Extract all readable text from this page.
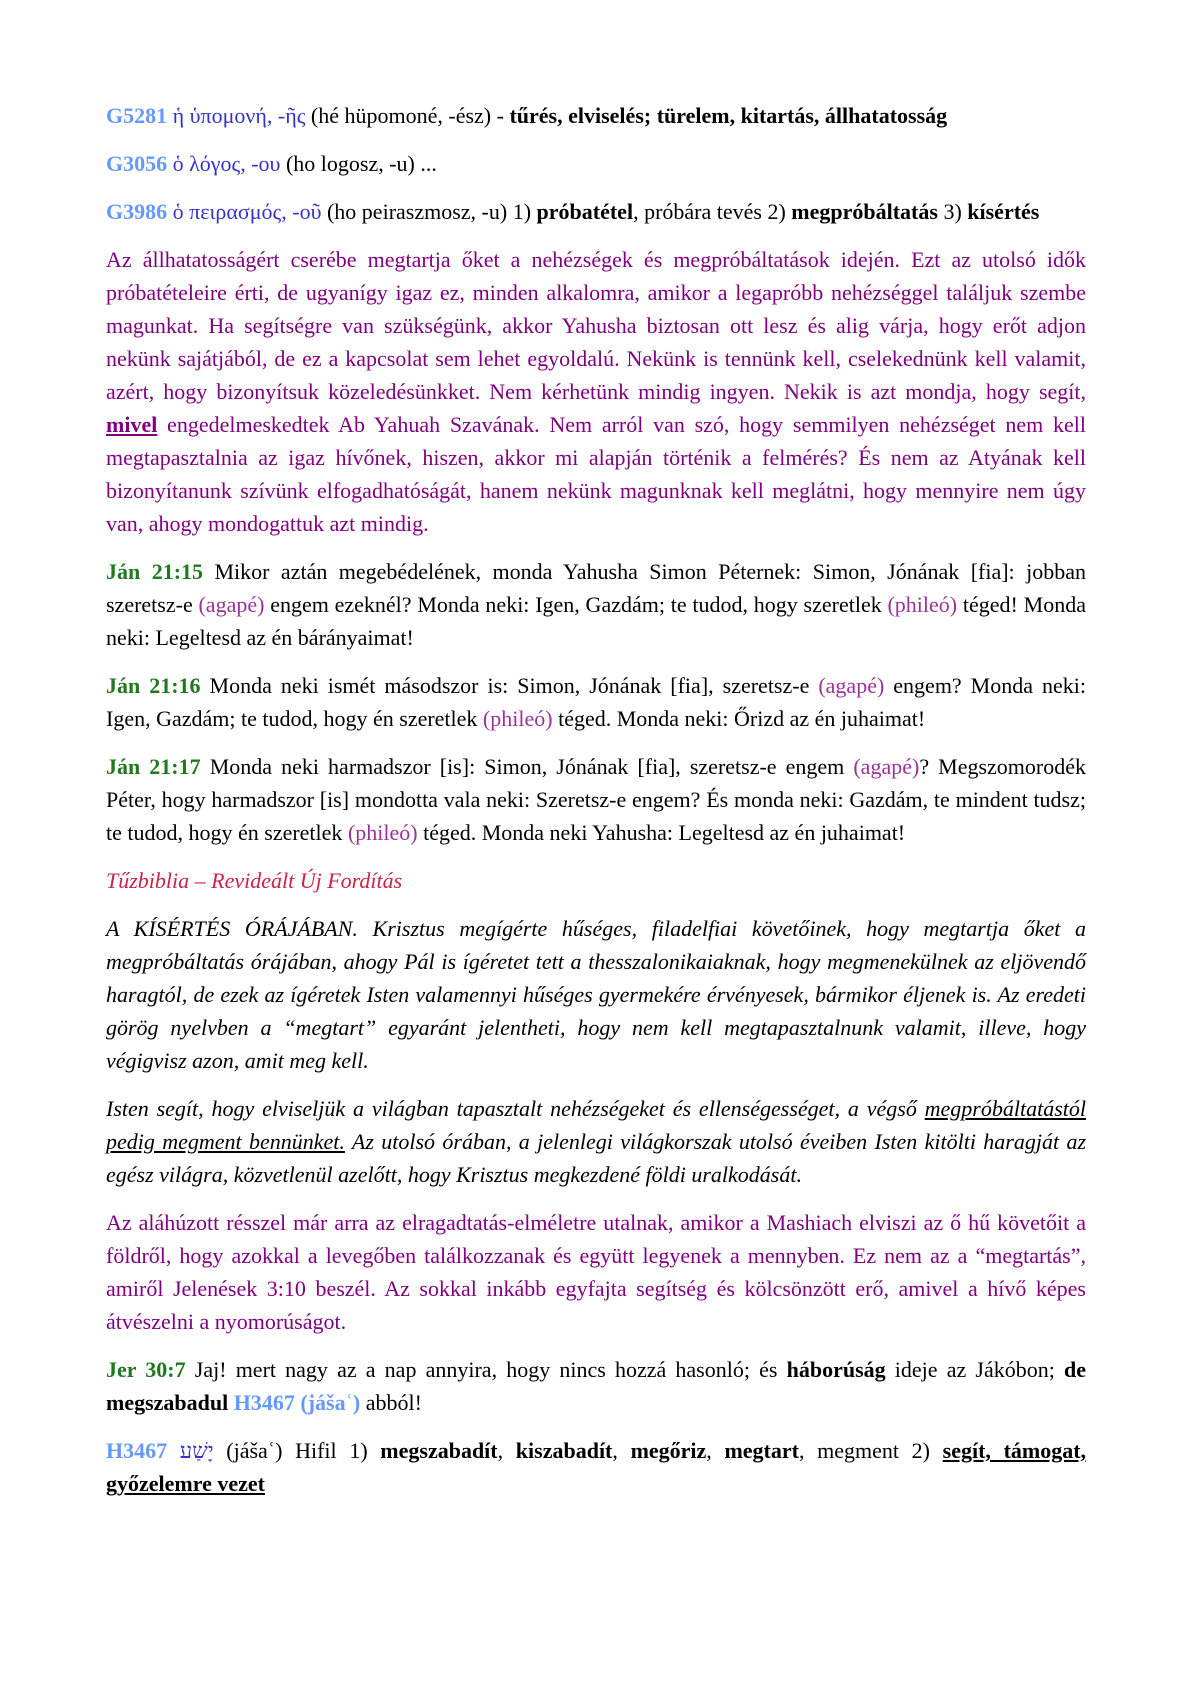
G5281 ἡ ὑπομονή, -ῆς (hé hüpomoné, -ész) - tűrés, elviselés; türelem, kitartás, állhatatosság

G3056 ὁ λόγος, -ου (ho logosz, -u) ...

G3986 ὁ πειρασμός, -οῦ (ho peiraszmosz, -u) 1) próbatétel, próbára tevés 2) megpróbáltatás 3) kísértés

Az állhatatosságért cserébe megtartja őket a nehézségek és megpróbáltatások idején. Ezt az utolsó idők próbatételeire érti, de ugyanígy igaz ez, minden alkalomra, amikor a legapróbb nehézséggel találjuk szembe magunkat. Ha segítségre van szükségünk, akkor Yahusha biztosan ott lesz és alig várja, hogy erőt adjon nekünk sajátjából, de ez a kapcsolat sem lehet egyoldalú. Nekünk is tennünk kell, cselekednünk kell valamit, azért, hogy bizonyítsuk közeledésünkket. Nem kérhetünk mindig ingyen. Nekik is azt mondja, hogy segít, mivel engedelmeskedtek Ab Yahuah Szavának. Nem arról van szó, hogy semmilyen nehézséget nem kell megtapasztalnia az igaz hívőnek, hiszen, akkor mi alapján történik a felmérés? És nem az Atyának kell bizonyítanunk szívünk elfogadhatóságát, hanem nekünk magunknak kell meglátni, hogy mennyire nem úgy van, ahogy mondogattuk azt mindig.

Ján 21:15 Mikor aztán megebédelének, monda Yahusha Simon Péternek: Simon, Jónának [fia]: jobban szeretsz-e (agapé) engem ezeknél? Monda neki: Igen, Gazdám; te tudod, hogy szeretlek (phileó) téged! Monda neki: Legeltesd az én bárányaimat!

Ján 21:16 Monda neki ismét másodszor is: Simon, Jónának [fia], szeretsz-e (agapé) engem? Monda neki: Igen, Gazdám; te tudod, hogy én szeretlek (phileó) téged. Monda neki: Őrizd az én juhaimat!

Ján 21:17 Monda neki harmadszor [is]: Simon, Jónának [fia], szeretsz-e engem (agapé)? Megszomorodék Péter, hogy harmadszor [is] mondotta vala neki: Szeretsz-e engem? És monda neki: Gazdám, te mindent tudsz; te tudod, hogy én szeretlek (phileó) téged. Monda neki Yahusha: Legeltesd az én juhaimat!

Tűzbiblia – Revideált Új Fordítás

A KÍSÉRTÉS ÓRÁJÁBAN. Krisztus megígérte hűséges, filadelfiai követőinek, hogy megtartja őket a megpróbáltatás órájában, ahogy Pál is ígéretet tett a thesszalonikaiaknak, hogy megmenekülnek az eljövendő haragtól, de ezek az ígéretek Isten valamennyi hűséges gyermekére érvényesek, bármikor éljenek is. Az eredeti görög nyelvben a “megtart” egyaránt jelentheti, hogy nem kell megtapasztalnunk valamit, illeve, hogy végigvisz azon, amit meg kell.

Isten segít, hogy elviseljük a világban tapasztalt nehézségeket és ellenségességet, a végső megpróbáltatástól pedig megment bennünket. Az utolsó órában, a jelenlegi világkorszak utolsó éveiben Isten kitölti haragját az egész világra, közvetlenül azelőtt, hogy Krisztus megkezdené földi uralkodását.

Az aláhúzott résszel már arra az elragadtatás-elméletre utalnak, amikor a Mashiach elviszi az ő hű követőit a földről, hogy azokkal a levegőben találkozzanak és együtt legyenek a mennyben. Ez nem az a “megtartás”, amiről Jelenések 3:10 beszél. Az sokkal inkább egyfajta segítség és kölcsönzött erő, amivel a hívő képes átvészelni a nyomorúságot.

Jer 30:7 Jaj! mert nagy az a nap annyira, hogy nincs hozzá hasonló; és háborúság ideje az Jákóbon; de megszabadul H3467 (jášaʿ) abból!

H3467 יָשַׁע (jášaʿ) Hifil 1) megszabadít, kiszabadít, megőriz, megtart, megment 2) segít, támogat, győzelemre vezet
